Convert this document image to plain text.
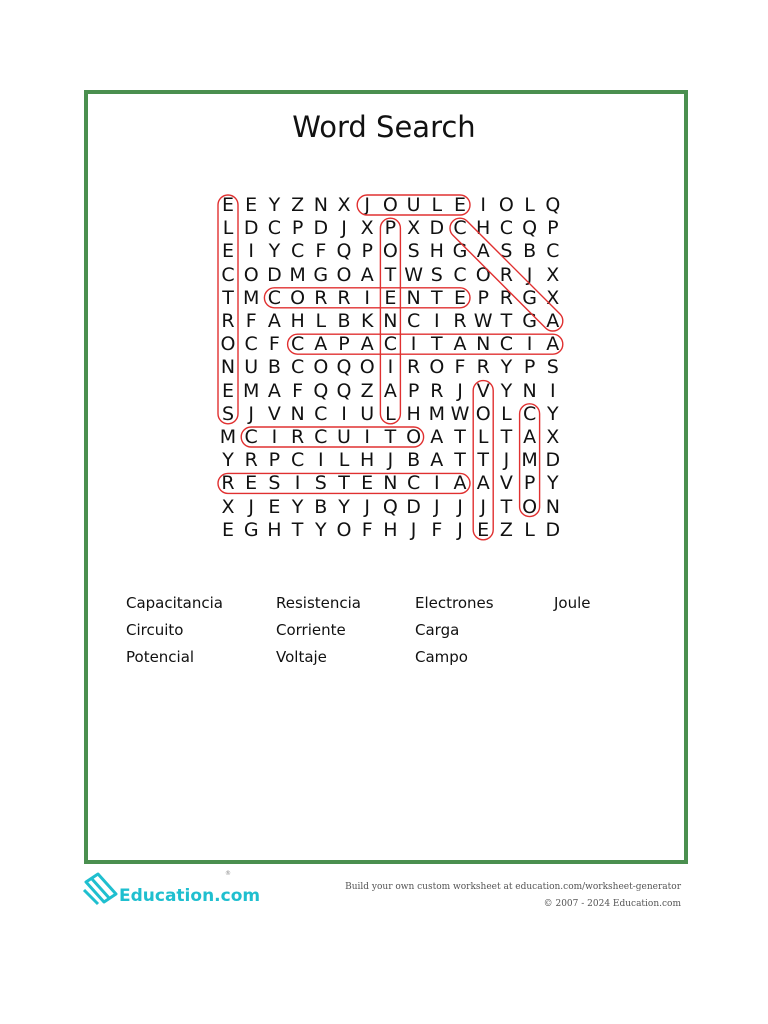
Word Search
E E Y Z N X J O U L E I O L Q
L D C P D J X P X D C H C Q P
E I Y C F Q P O S H G A S B C
C O D M G O A T W S C O R J X
T M C O R R I E N T E P R G X
R F A H L B K N C I R W T G A
O C F C A P A C I T A N C I A
N U B C O Q O I R O F R Y P S
E M A F Q Q Z A P R J V Y N I
S J V N C I U L H M W O L C Y
M C I R C U I T O A T L T A X
Y R P C I L H J B A T T J M D
R E S I S T E N C I A A V P Y
X J E Y B Y J Q D J J J T O N
E G H T Y O F H J F J E Z L D
Capacitancia	Resistencia	Electrones	Joule
Circuito	Corriente	Carga
Potencial	Voltaje	Campo
Education.com
®
Build your own custom worksheet at education.com/worksheet-generator
© 2007 - 2024 Education.com
